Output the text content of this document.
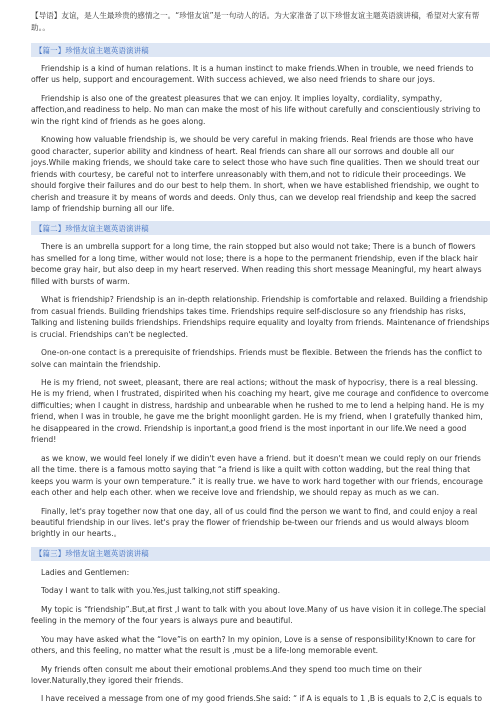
【导语】友谊，是人生最珍贵的感情之一。“珍惜友谊”是一句动人的话。为大家准备了以下珍惜友谊主题英语演讲稿，希望对大家有帮助。。

【篇一】珍惜友谊主题英语演讲稿

Friendship is a kind of human relations. It is a human instinct to make friends.When in trouble, we need friends to offer us help, support and encouragement. With success achieved, we also need friends to share our joys.

Friendship is also one of the greatest pleasures that we can enjoy. It implies loyalty, cordiality, sympathy, affection,and readiness to help. No man can make the most of his life without carefully and conscientiously striving to win the right kind of friends as he goes along.

Knowing how valuable friendship is, we should be very careful in making friends. Real friends are those who have good character, superior ability and kindness of heart. Real friends can share all our sorrows and double all our joys.While making friends, we should take care to select those who have such fine qualities. Then we should treat our friends with courtesy, be careful not to interfere unreasonably with them,and not to ridicule their proceedings. We should forgive their failures and do our best to help them. In short, when we have established friendship, we ought to cherish and treasure it by means of words and deeds. Only thus, can we develop real friendship and keep the sacred lamp of friendship burning all our life.

【篇二】珍惜友谊主题英语演讲稿

There is an umbrella support for a long time, the rain stopped but also would not take; There is a bunch of flowers has smelled for a long time, wither would not lose; there is a hope to the permanent friendship, even if the black hair become gray hair, but also deep in my heart reserved. When reading this short message Meaningful, my heart always filled with bursts of warm.

What is friendship? Friendship is an in-depth relationship. Friendship is comfortable and relaxed. Building a friendship from casual friends. Building friendships takes time. Friendships require self-disclosure so any friendship has risks, Talking and listening builds friendships. Friendships require equality and loyalty from friends. Maintenance of friendships is crucial. Friendships can't be neglected.

One-on-one contact is a prerequisite of friendships. Friends must be flexible. Between the friends has the conflict to solve can maintain the friendship.

He is my friend, not sweet, pleasant, there are real actions; without the mask of hypocrisy, there is a real blessing. He is my friend, when I frustrated, dispirited when his coaching my heart, give me courage and confidence to overcome difficulties; when I caught in distress, hardship and unbearable when he rushed to me to lend a helping hand. He is my friend, when I was in trouble, he gave me the bright moonlight garden. He is my friend, when I gratefully thanked him, he disappeared in the crowd. Friendship is inportant,a good friend is the most inportant in our life.We need a good friend!

as we know, we would feel lonely if we didin't even have a friend. but it doesn't mean we could reply on our friends all the time. there is a famous motto saying that “a friend is like a quilt with cotton wadding, but the real thing that keeps you warm is your own temperature.” it is really true. we have to work hard together with our friends, encourage each other and help each other. when we receive love and friendship, we should repay as much as we can.

Finally, let's pray together now that one day, all of us could find the person we want to find, and could enjoy a real beautiful friendship in our lives. let's pray the flower of friendship be-tween our friends and us would always bloom brightly in our hearts.。

【篇三】珍惜友谊主题英语演讲稿

Ladies and Gentlemen:

Today I want to talk with you.Yes,just talking,not stiff speaking.

My topic is “friendship”.But,at first ,I want to talk with you about love.Many of us have vision it in college.The special feeling in the memory of the four years is always pure and beautiful.

You may have asked what the “love”is on earth? In my opinion, Love is a sense of responsibility!Known to care for others, and this feeling, no matter what the result is ,must be a life-long memorable event.

My friends often consult me about their emotional problems.And they spend too much time on their lover.Naturally,they igored their friends.

I have received a message from one of my good friends.She said: “ if A is equals to 1 ,B is equals to 2,C is equals to
